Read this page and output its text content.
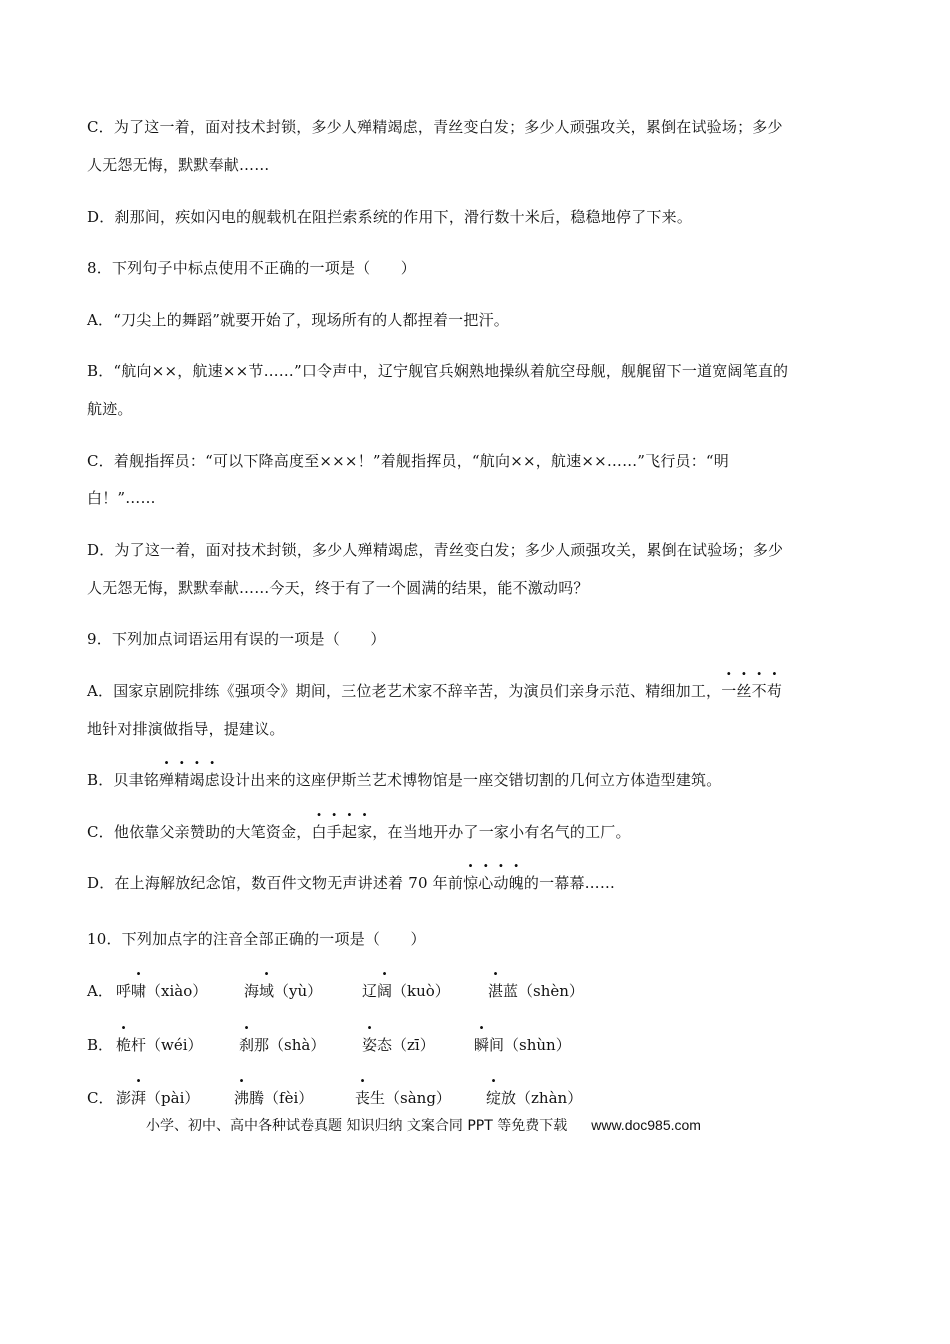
C．为了这一着，面对技术封锁，多少人殚精竭虑，青丝变白发；多少人顽强攻关，累倒在试验场；多少
人无怨无悔，默默奉献……
D．刹那间，疾如闪电的舰载机在阻拦索系统的作用下，滑行数十米后，稳稳地停了下来。
8．下列句子中标点使用不正确的一项是（　　）
A．“刀尖上的舞蹈”就要开始了，现场所有的人都捏着一把汗。
B．“航向××，航速××节……”口令声中，辽宁舰官兵娴熟地操纵着航空母舰，舰艉留下一道宽阔笔直的
航迹。
C．着舰指挥员：“可以下降高度至×××！”着舰指挥员，“航向××，航速××……”飞行员：“明
白！”……
D．为了这一着，面对技术封锁，多少人殚精竭虑，青丝变白发；多少人顽强攻关，累倒在试验场；多少
人无怨无悔，默默奉献……今天，终于有了一个圆满的结果，能不激动吗？
9．下列加点词语运用有误的一项是（　　）
A．国家京剧院排练《强项令》期间，三位老艺术家不辞辛苦，为演员们亲身示范、精细加工，一丝不苟
地针对排演做指导，提建议。
B．贝聿铭殚精竭虑设计出来的这座伊斯兰艺术博物馆是一座交错切割的几何立方体造型建筑。
C．他依靠父亲赞助的大笔资金，白手起家，在当地开办了一家小有名气的工厂。
D．在上海解放纪念馆，数百件文物无声讲述着 70 年前惊心动魄的一幕幕……
10．下列加点字的注音全部正确的一项是（　　）
A． 呼啸（xiào） 海域（yù）	辽阔（kuò）	湛蓝（shèn）
B． 桅杆（wéi） 刹那（shà） 姿态（zī）	瞬间（shùn）
C． 澎湃（pài） 沸腾（fèi）	丧生（sàng） 绽放（zhàn）
小学、初中、高中各种试卷真题 知识归纳 文案合同 PPT 等免费下载 www.doc985.com
